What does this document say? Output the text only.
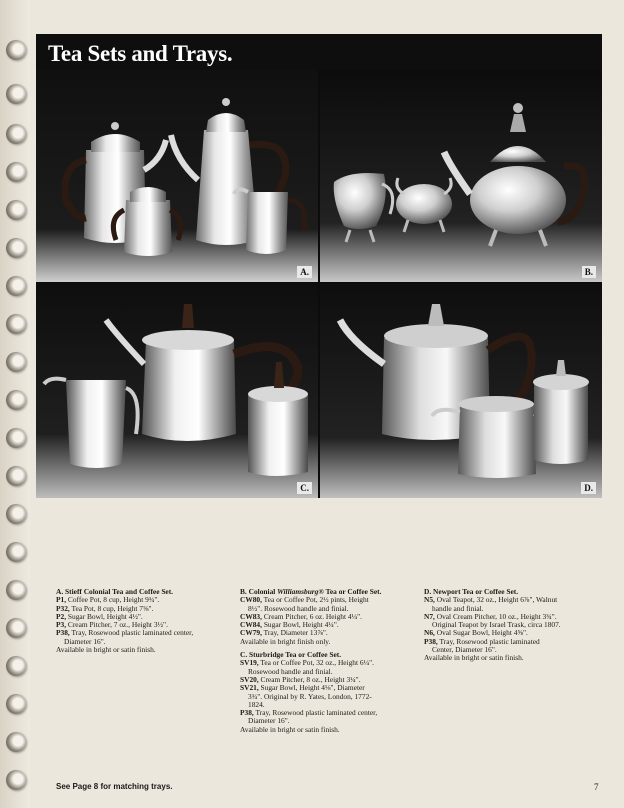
Tea Sets and Trays.
A.	B.
C.	D.

A. Stieff Colonial Tea and Coffee Set.

P1, Coffee Pot, 8 cup, Height 9¾".

P32, Tea Pot, 8 cup, Height 7⅝".

P2, Sugar Bowl, Height 4½".

P3, Cream Pitcher, 7 oz., Height 3½".

P38, Tray, Rosewood plastic laminated center,

Diameter 16".

Available in bright or satin finish.

B. Colonial Williamsburg® Tea or Coffee Set.

CW80, Tea or Coffee Pot, 2½ pints, Height

8½". Rosewood handle and finial.

CW83, Cream Pitcher, 6 oz. Height 4¼".

CW84, Sugar Bowl, Height 4¼".

CW79, Tray, Diameter 13⅞".

Available in bright finish only.

C. Sturbridge Tea or Coffee Set.

SV19, Tea or Coffee Pot, 32 oz., Height 6¼".

Rosewood handle and finial.

SV20, Cream Pitcher, 8 oz., Height 3¼".

SV21, Sugar Bowl, Height 4⅛", Diameter

3¾". Original by R. Yates, London, 1772-

1824.

P38, Tray, Rosewood plastic laminated center,

Diameter 16".

Available in bright or satin finish.

D. Newport Tea or Coffee Set.

N5, Oval Teapot, 32 oz., Height 6⅞", Walnut

handle and finial.

N7, Oval Cream Pitcher, 10 oz., Height 3¾".

Original Teapot by Israel Trask, circa 1807.

N6, Oval Sugar Bowl, Height 4⅝".

P38, Tray, Rosewood plastic laminated

Center, Diameter 16".

Available in bright or satin finish.

See Page 8 for matching trays.	7
